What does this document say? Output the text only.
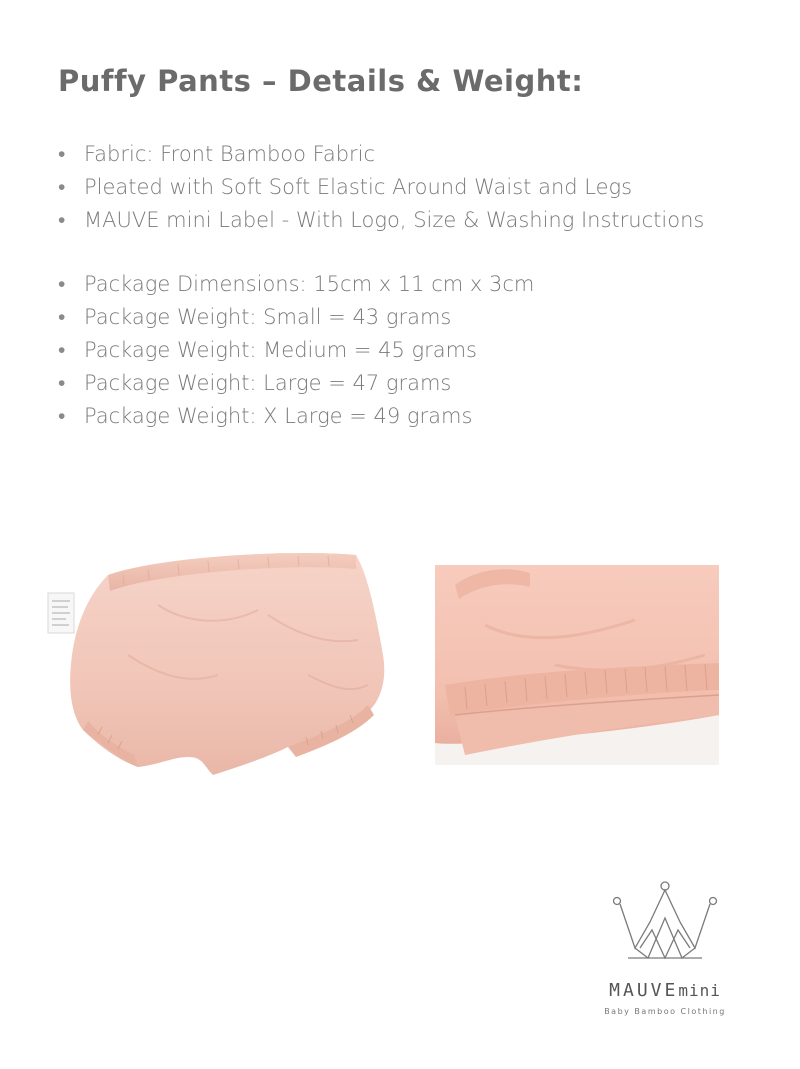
Puffy Pants – Details & Weight:
• Fabric: Front Bamboo Fabric
• Pleated with Soft Soft Elastic Around Waist and Legs
• MAUVE mini Label - With Logo, Size & Washing Instructions
• Package Dimensions: 15cm x 11 cm x 3cm
• Package Weight: Small = 43 grams
• Package Weight: Medium = 45 grams
• Package Weight: Large = 47 grams
• Package Weight: X Large = 49 grams
MAUVEmini
Baby Bamboo Clothing
